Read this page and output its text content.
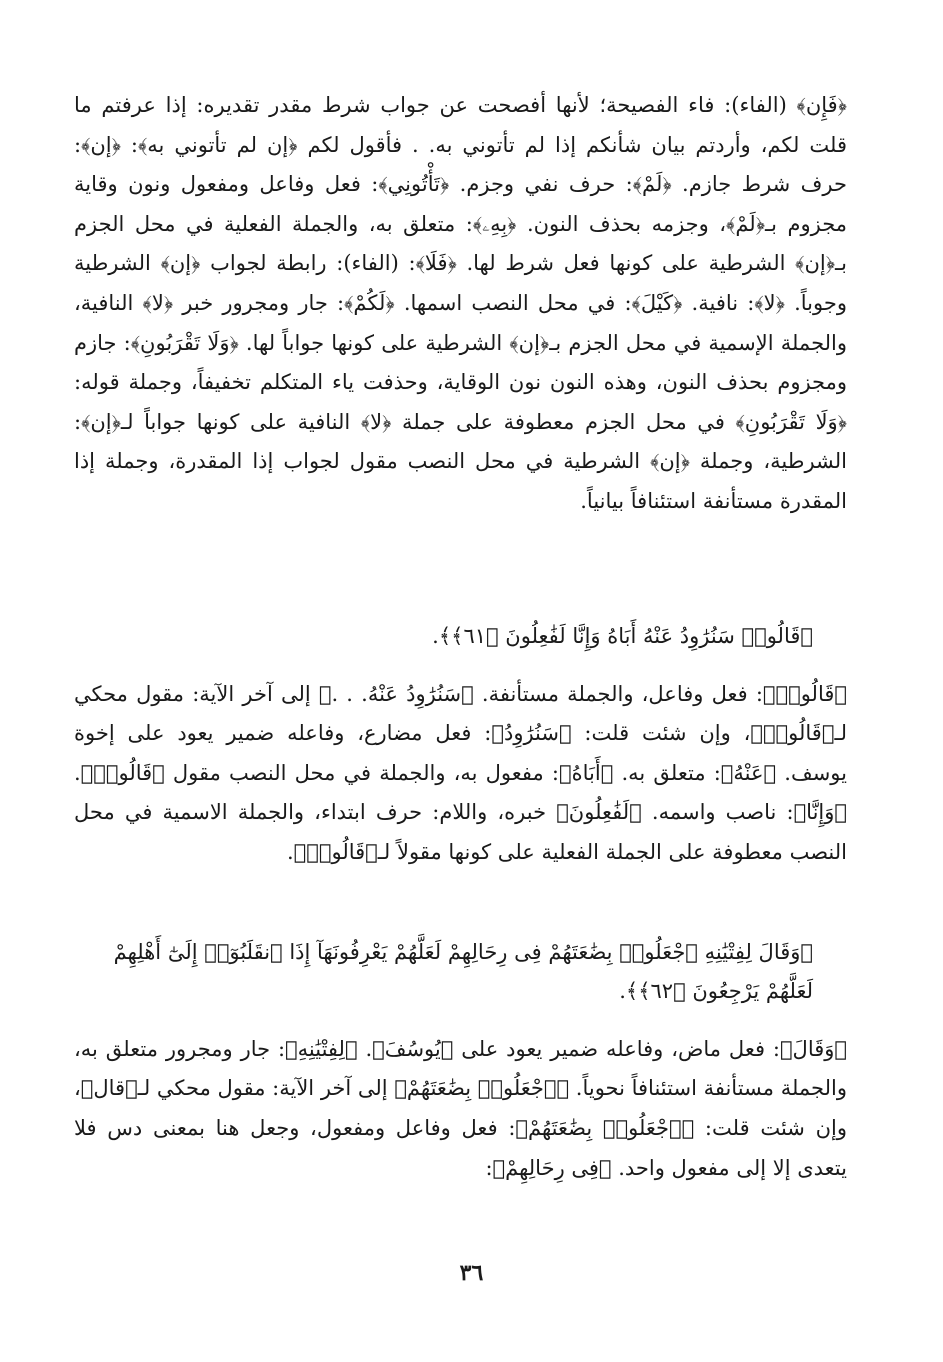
﴿فَإِن﴾ (الفاء): فاء الفصيحة؛ لأنها أفصحت عن جواب شرط مقدر تقديره: إذا عرفتم ما قلت لكم، وأردتم بيان شأنكم إذا لم تأتوني به. . فأقول لكم ﴿إن لم تأتوني به﴾: ﴿إن﴾: حرف شرط جازم. ﴿لَمْ﴾: حرف نفي وجزم. ﴿تَأْتُونِي﴾: فعل وفاعل ومفعول ونون وقاية مجزوم بـ﴿لَمْ﴾، وجزمه بحذف النون. ﴿بِهِۦ﴾: متعلق به، والجملة الفعلية في محل الجزم بـ﴿إن﴾ الشرطية على كونها فعل شرط لها. ﴿فَلَا﴾: (الفاء): رابطة لجواب ﴿إن﴾ الشرطية وجوباً. ﴿لا﴾: نافية. ﴿كَيْلَ﴾: في محل النصب اسمها. ﴿لَكُمْ﴾: جار ومجرور خبر ﴿لا﴾ النافية، والجملة الإسمية في محل الجزم بـ﴿إن﴾ الشرطية على كونها جواباً لها. ﴿وَلَا تَقْرَبُونِ﴾: جازم ومجزوم بحذف النون، وهذه النون نون الوقاية، وحذفت ياء المتكلم تخفيفاً، وجملة قوله: ﴿وَلَا تَقْرَبُونِ﴾ في محل الجزم معطوفة على جملة ﴿لا﴾ النافية على كونها جواباً لـ﴿إن﴾: الشرطية، وجملة ﴿إن﴾ الشرطية في محل النصب مقول لجواب إذا المقدرة، وجملة إذا المقدرة مستأنفة استئنافاً بيانياً.

﴿قَالُوا۟ سَنُرَٰوِدُ عَنْهُ أَبَاهُ وَإِنَّا لَفَٰعِلُونَ ﴿٦١﴾﴾.

﴿قَالُوا۟﴾: فعل وفاعل، والجملة مستأنفة. ﴿سَنُرَٰوِدُ عَنْهُ. . .﴾ إلى آخر الآية: مقول محكي لـ﴿قَالُوا۟﴾، وإن شئت قلت: ﴿سَنُرَٰوِدُ﴾: فعل مضارع، وفاعله ضمير يعود على إخوة يوسف. ﴿عَنْهُ﴾: متعلق به. ﴿أَبَاهُ﴾: مفعول به، والجملة في محل النصب مقول ﴿قَالُوا۟﴾. ﴿وَإِنَّا﴾: ناصب واسمه. ﴿لَفَٰعِلُونَ﴾ خبره، واللام: حرف ابتداء، والجملة الاسمية في محل النصب معطوفة على الجملة الفعلية على كونها مقولاً لـ﴿قَالُوا۟﴾.

﴿وَقَالَ لِفِتْيَٰنِهِ ٱجْعَلُوا۟ بِضَٰعَتَهُمْ فِى رِحَالِهِمْ لَعَلَّهُمْ يَعْرِفُونَهَآ إِذَا ٱنقَلَبُوٓا۟ إِلَىٰٓ أَهْلِهِمْ لَعَلَّهُمْ يَرْجِعُونَ ﴿٦٢﴾﴾.

﴿وَقَالَ﴾: فعل ماض، وفاعله ضمير يعود على ﴿يُوسُفَ﴾. ﴿لِفِتْيَٰنِهِ﴾: جار ومجرور متعلق به، والجملة مستأنفة استئنافاً نحوياً. ﴿ٱجْعَلُوا۟ بِضَٰعَتَهُمْ﴾ إلى آخر الآية: مقول محكي لـ﴿قال﴾، وإن شئت قلت: ﴿ٱجْعَلُوا۟ بِضَٰعَتَهُمْ﴾: فعل وفاعل ومفعول، وجعل هنا بمعنى دس فلا يتعدى إلا إلى مفعول واحد. ﴿فِى رِحَالِهِمْ﴾:

٣٦
